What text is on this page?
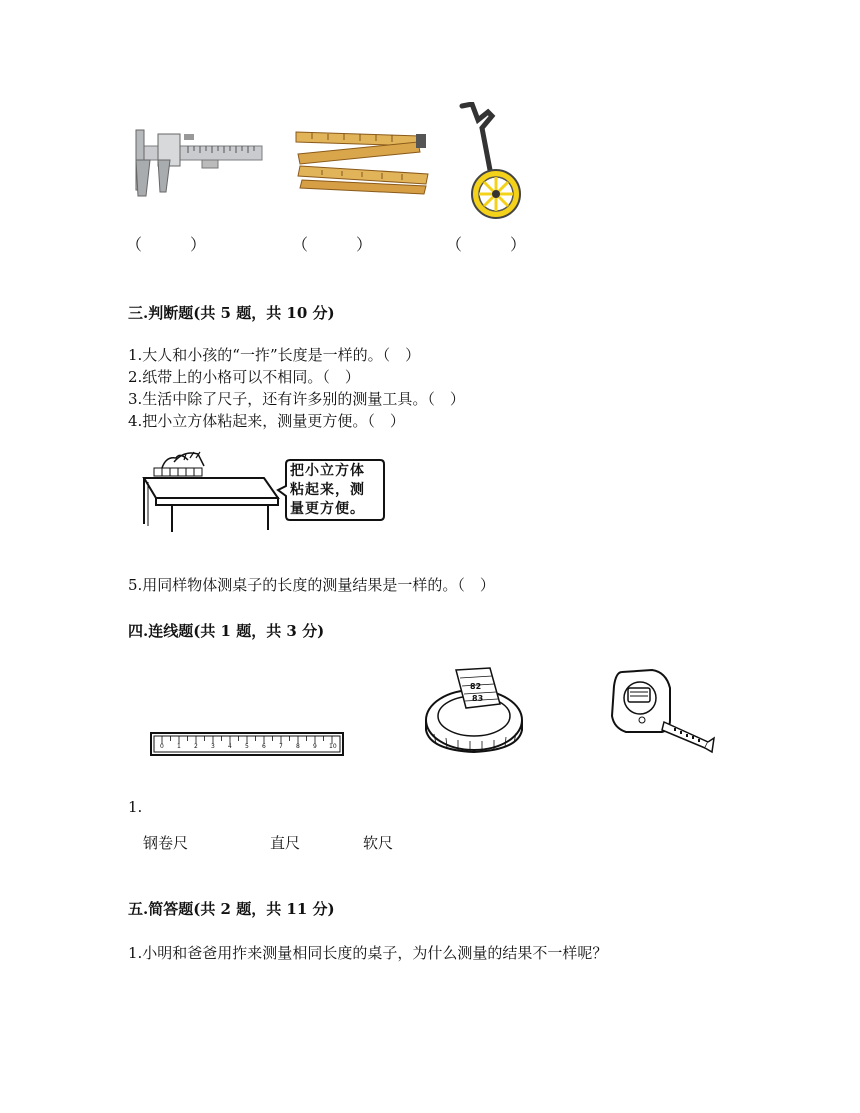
（　　　）	（　　　）	（　　　）
三.判断题(共 5 题，共 10 分)
1.大人和小孩的“一拃”长度是一样的。（　）
2.纸带上的小格可以不相同。（　）
3.生活中除了尺子，还有许多别的测量工具。（　）
4.把小立方体粘起来，测量更方便。（　）
把小立方体
粘起来，测
量更方便。
5.用同样物体测桌子的长度的测量结果是一样的。（　）
四.连线题(共 1 题，共 3 分)
0 1 2 3 4 5 6 7 8 9 10
82
83
1.
钢卷尺	直尺	软尺
五.简答题(共 2 题，共 11 分)
1.小明和爸爸用拃来测量相同长度的桌子，为什么测量的结果不一样呢？
